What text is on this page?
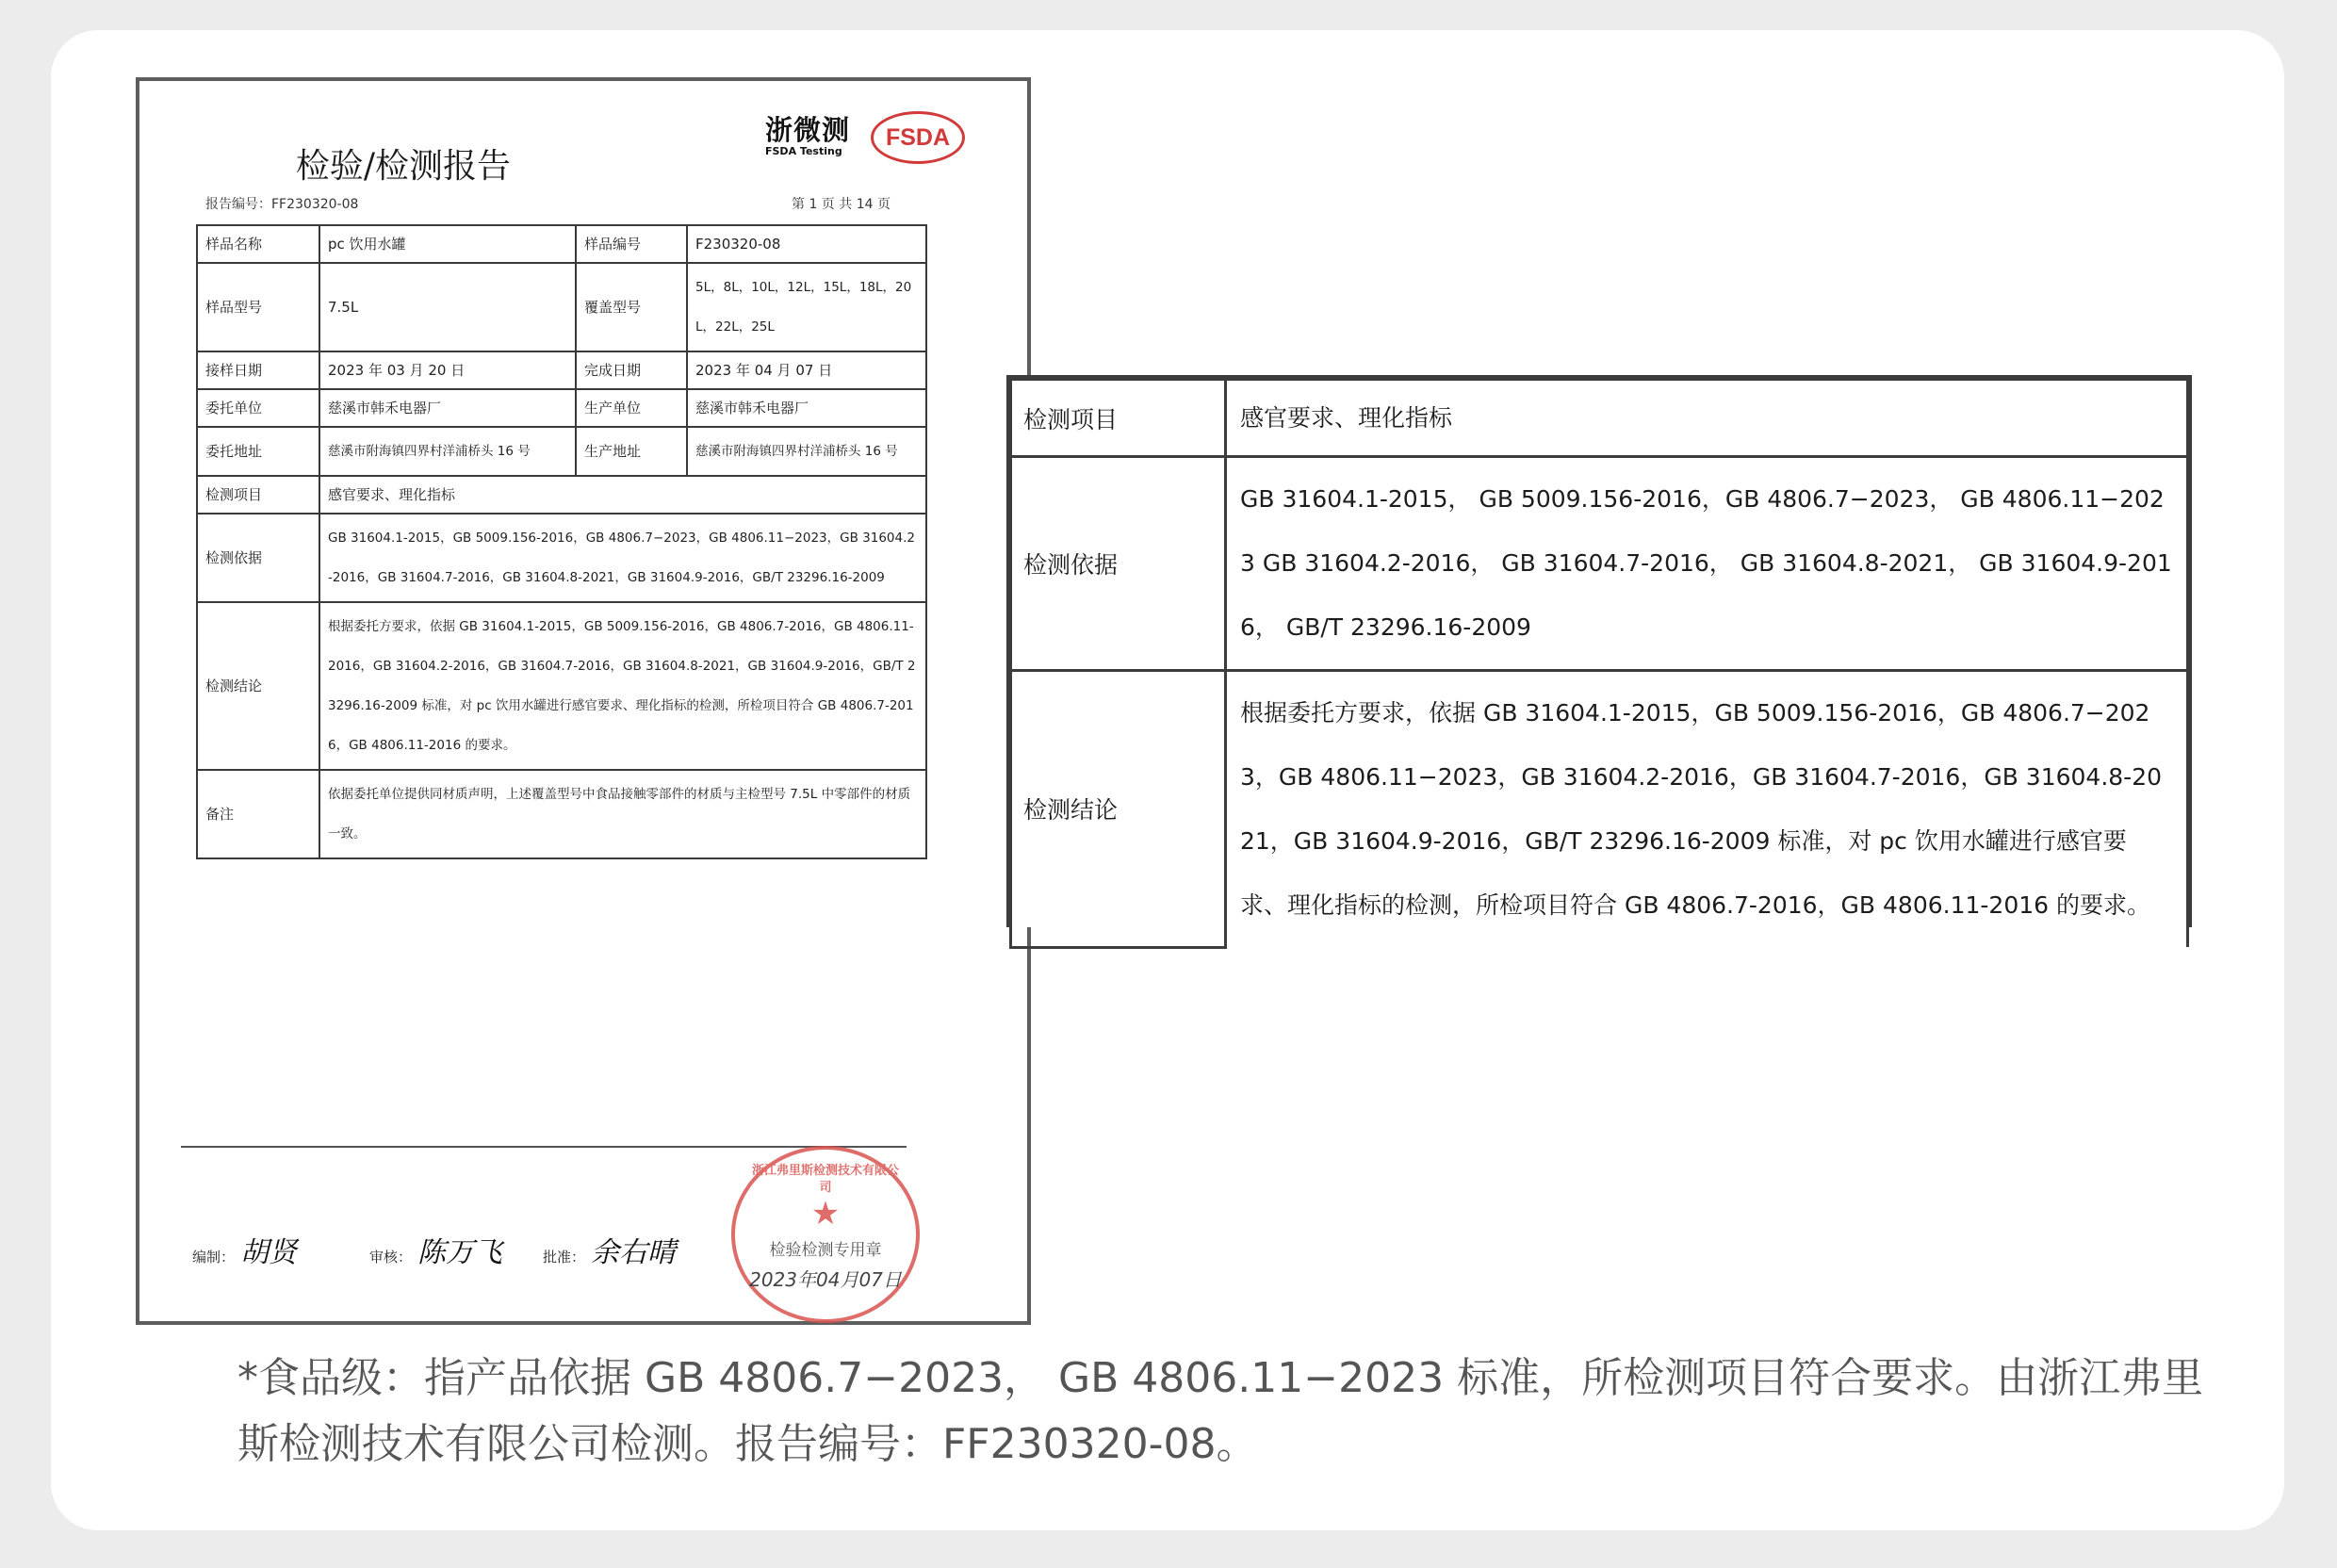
浙微测
FSDA Testing
FSDA
检验/检测报告
报告编号：FF230320-08	第 1 页 共 14 页
样品名称	pc 饮用水罐	样品编号	F230320-08
样品型号	7.5L	覆盖型号	5L，8L，10L，12L，15L，18L，20L，22L，25L
接样日期	2023 年 03 月 20 日	完成日期	2023 年 04 月 07 日
委托单位	慈溪市韩禾电器厂	生产单位	慈溪市韩禾电器厂
委托地址	慈溪市附海镇四界村洋浦桥头 16 号	生产地址	慈溪市附海镇四界村洋浦桥头 16 号
检测项目	感官要求、理化指标		
检测依据	GB 31604.1-2015，GB 5009.156-2016，GB 4806.7−2023，GB 4806.11−2023，GB 31604.2-2016，GB 31604.7-2016，GB 31604.8-2021，GB 31604.9-2016，GB/T 23296.16-2009		
检测结论	根据委托方要求，依据 GB 31604.1-2015，GB 5009.156-2016，GB 4806.7-2016，GB 4806.11-2016，GB 31604.2-2016，GB 31604.7-2016，GB 31604.8-2021，GB 31604.9-2016，GB/T 23296.16-2009 标准，对 pc 饮用水罐进行感官要求、理化指标的检测，所检项目符合 GB 4806.7-2016，GB 4806.11-2016 的要求。		
备注	依据委托单位提供同材质声明，上述覆盖型号中食品接触零部件的材质与主检型号 7.5L 中零部件的材质一致。		
编制： 胡贤	审核： 陈万飞	批准： 余右晴
浙江弗里斯检测技术有限公司
★
检验检测专用章
2023年04月07日
检测项目	感官要求、理化指标
检测依据	GB 31604.1-2015， GB 5009.156-2016，GB 4806.7−2023， GB 4806.11−2023 GB 31604.2-2016， GB 31604.7-2016， GB 31604.8-2021， GB 31604.9-2016， GB/T 23296.16-2009
检测结论	根据委托方要求，依据 GB 31604.1-2015，GB 5009.156-2016，GB 4806.7−2023，GB 4806.11−2023，GB 31604.2-2016，GB 31604.7-2016，GB 31604.8-2021，GB 31604.9-2016，GB/T 23296.16-2009 标准，对 pc 饮用水罐进行感官要求、理化指标的检测，所检项目符合 GB 4806.7-2016，GB 4806.11-2016 的要求。
*食品级：指产品依据 GB 4806.7−2023， GB 4806.11−2023 标准，所检测项目符合要求。由浙江弗里斯检测技术有限公司检测。报告编号：FF230320-08。
